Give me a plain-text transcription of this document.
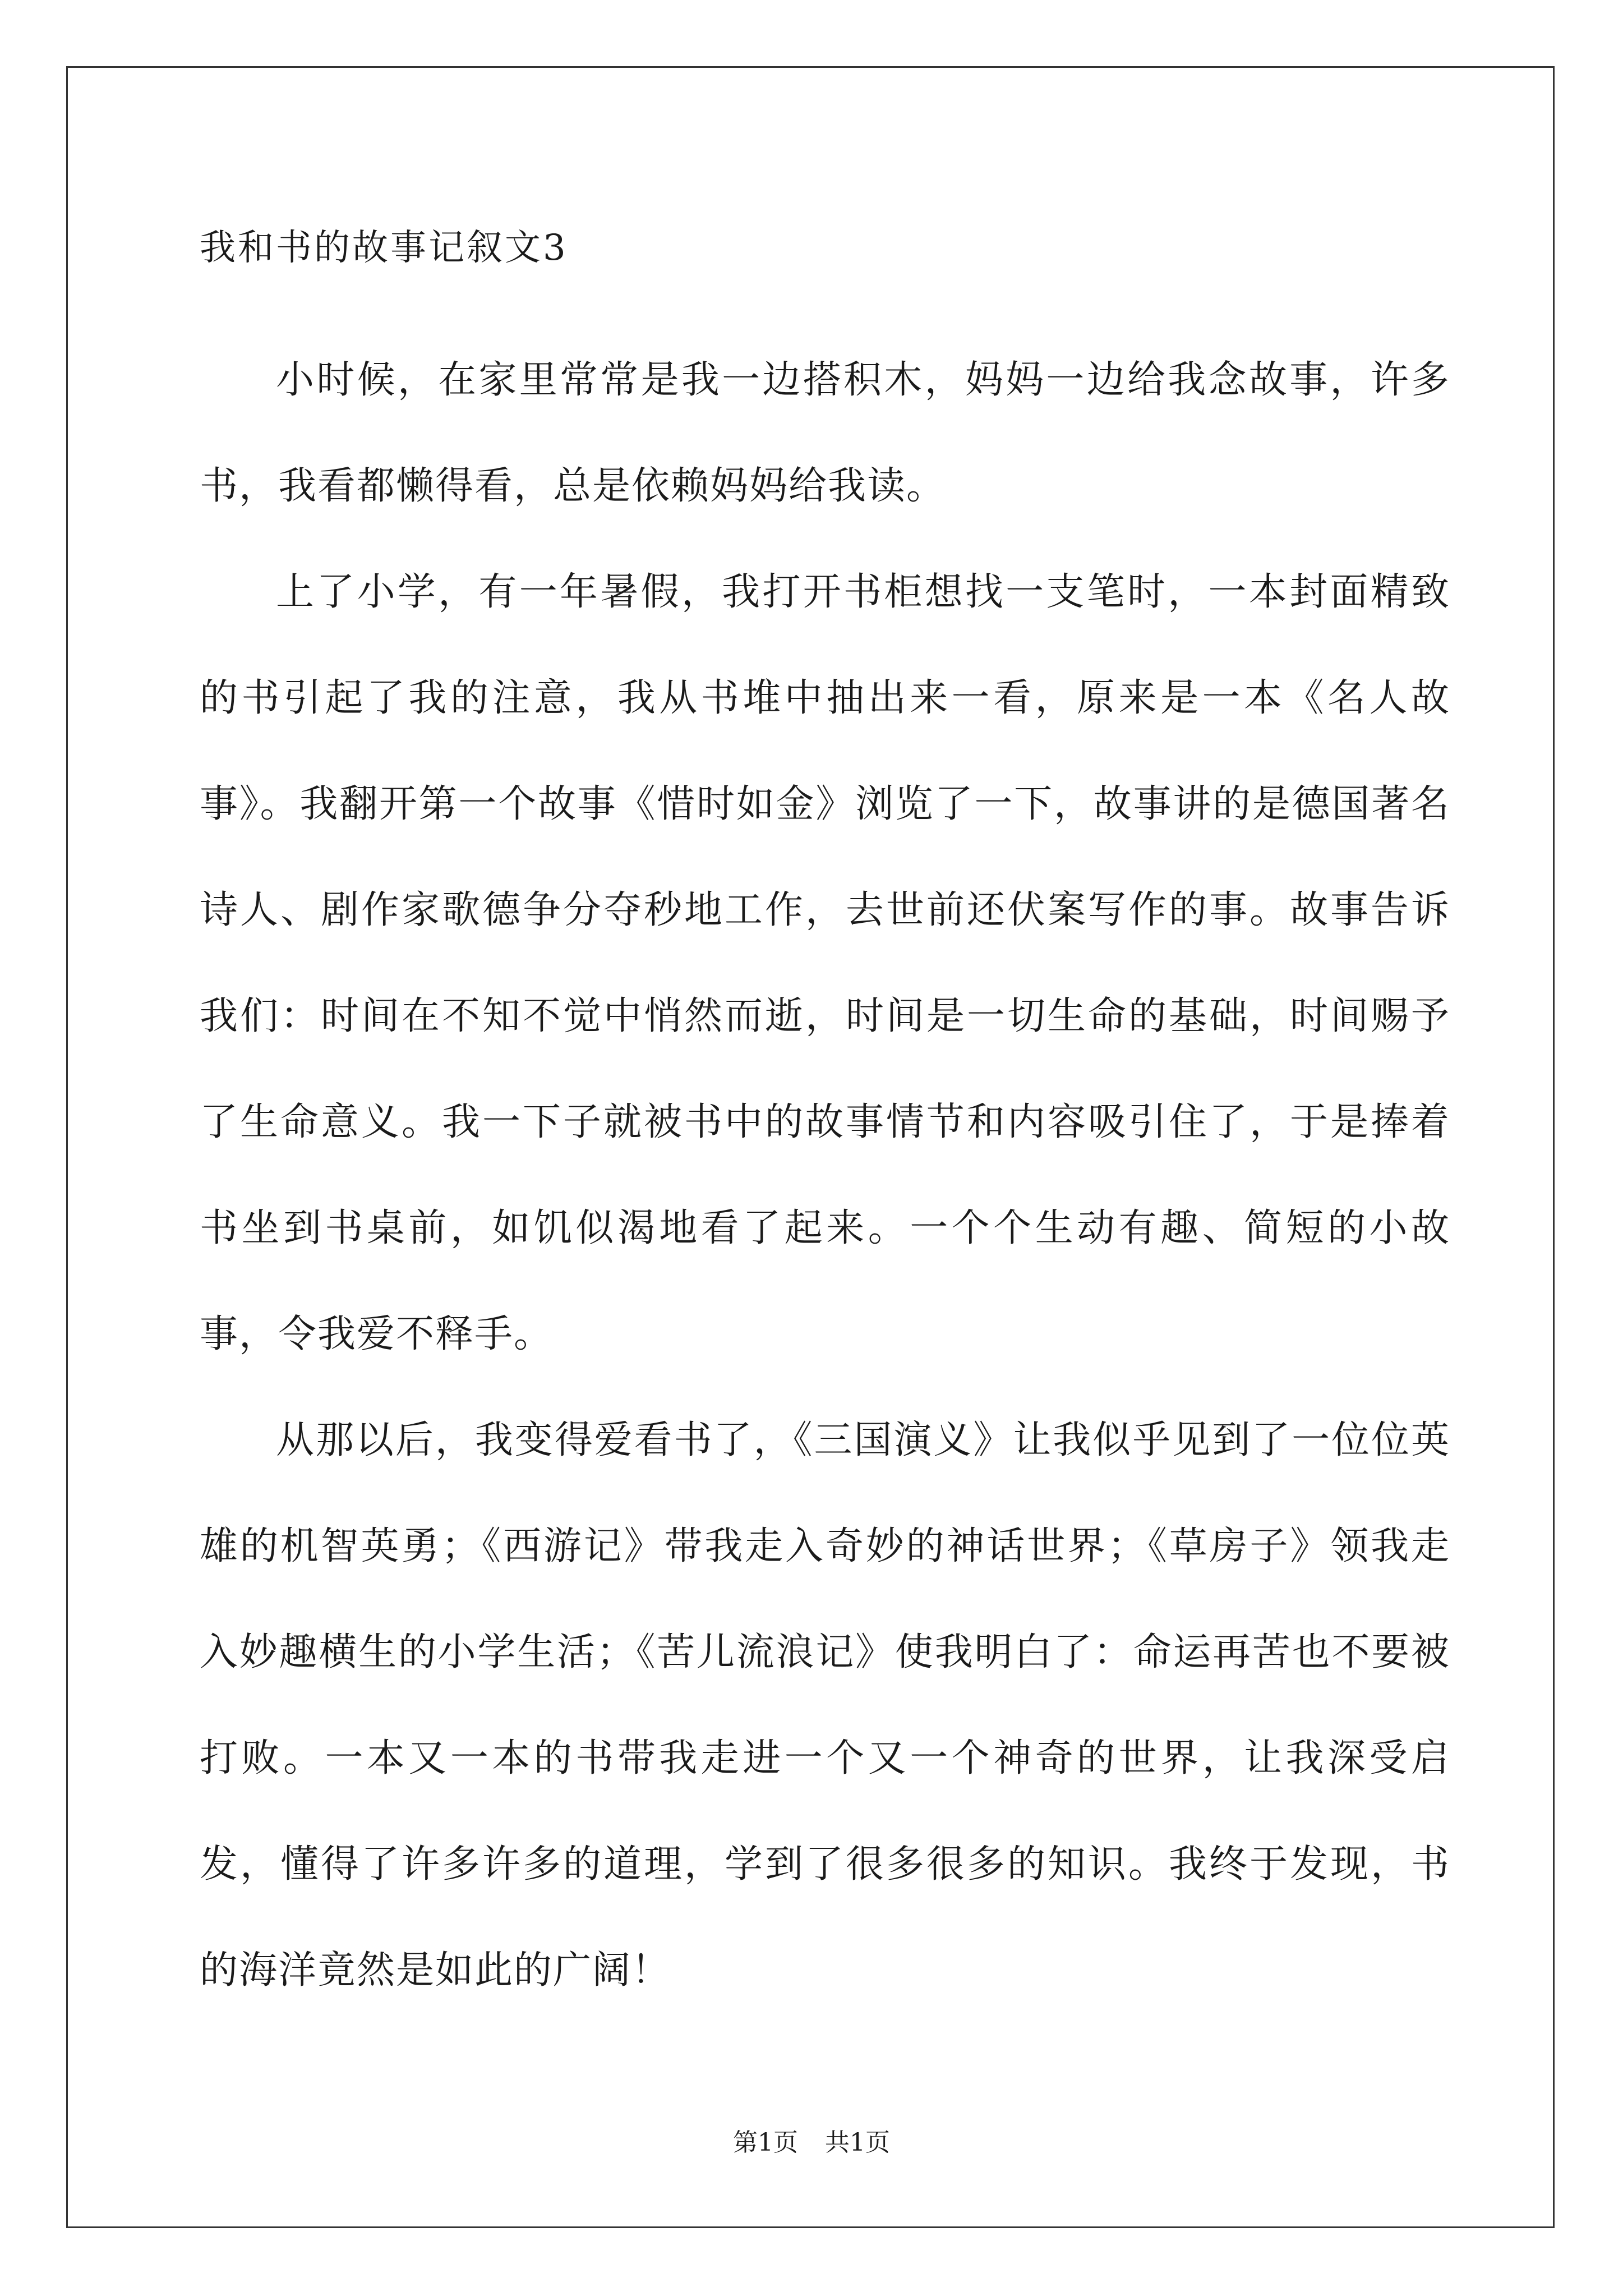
我和书的故事记叙文3

小时候，在家里常常是我一边搭积木，妈妈一边给我念故事，许多书，我看都懒得看，总是依赖妈妈给我读。

上了小学，有一年暑假，我打开书柜想找一支笔时，一本封面精致的书引起了我的注意，我从书堆中抽出来一看，原来是一本《名人故事》。我翻开第一个故事《惜时如金》浏览了一下，故事讲的是德国著名诗人、剧作家歌德争分夺秒地工作，去世前还伏案写作的事。故事告诉我们：时间在不知不觉中悄然而逝，时间是一切生命的基础，时间赐予了生命意义。我一下子就被书中的故事情节和内容吸引住了，于是捧着书坐到书桌前，如饥似渴地看了起来。一个个生动有趣、简短的小故事，令我爱不释手。

从那以后，我变得爱看书了，《三国演义》让我似乎见到了一位位英雄的机智英勇；《西游记》带我走入奇妙的神话世界；《草房子》领我走入妙趣横生的小学生活；《苦儿流浪记》使我明白了：命运再苦也不要被打败。一本又一本的书带我走进一个又一个神奇的世界，让我深受启发，懂得了许多许多的道理，学到了很多很多的知识。我终于发现，书的海洋竟然是如此的广阔！

第1页 共1页
